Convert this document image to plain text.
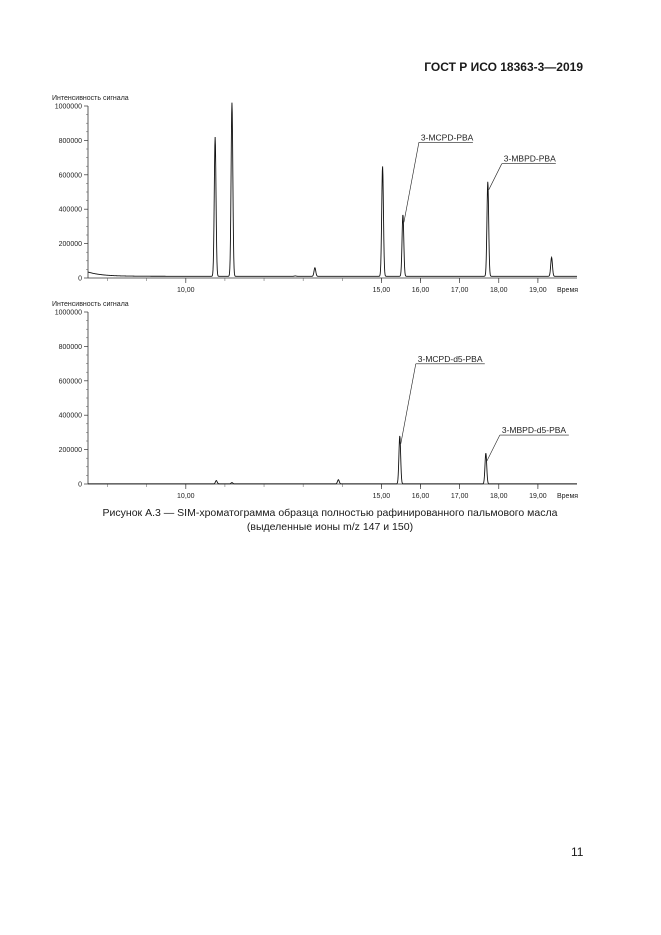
ГОСТ Р ИСО 18363-3—2019
Интенсивность сигнала
0
200000
400000
600000
800000
1000000
10,00	15,00	16,00	17,00	18,00	19,00 Время
3-MCPD-PBA
3-MBPD-PBA
Интенсивность сигнала
0
200000
400000
600000
800000
1000000
10,00	15,00	16,00	17,00	18,00	19,00 Время
3-MCPD-d5-PBA
3-MBPD-d5-PBA
Рисунок А.3 — SIM-хроматограмма образца полностью рафинированного пальмового масла
(выделенные ионы m/z 147 и 150)
11
